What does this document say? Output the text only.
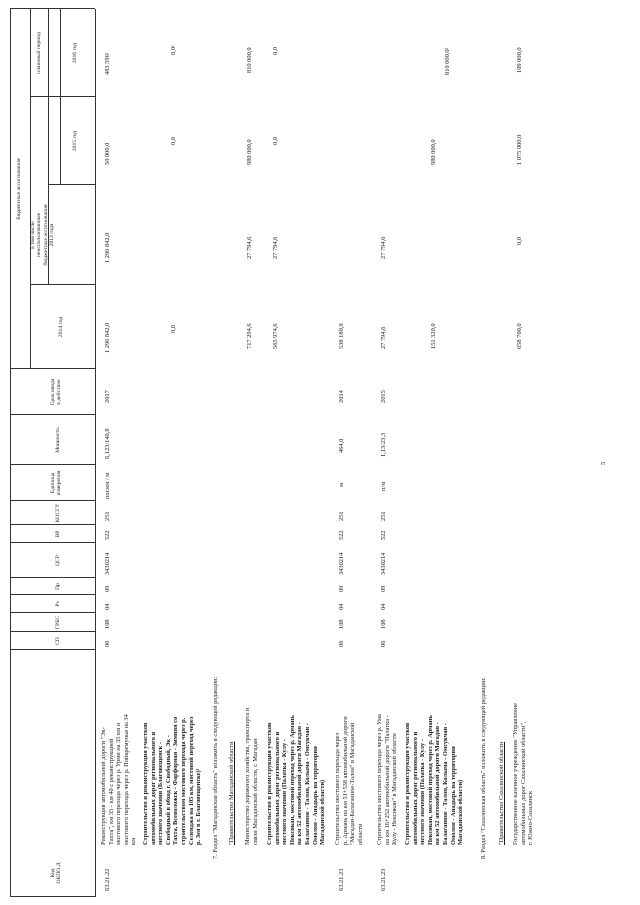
Код
ОКПО.Д
СП
ГРБС
Рз
Пр
ЦСР
ВР
КОСГУ
Единица
измерения
Мощность
Срок ввода
в действие
Бюджетные ассигнования
2014 год
в том числе
неиспользованные
бюджетные ассигнования
2013 года
плановый период
2015 год
2016 год
63.21.22
Реконструкция автомобильной дороги "Эк-
Тахта", км 35 - км 40 с реконструкцией
мостового перехода через р. Урми на 35 км и
мостового перехода через р. Пойкремунья на 34
км
06
108
04
09
3430214
522
251
пог.км / м
6,123/140,8
2017
1 296 842,0
1 296 842,0
50 000,0
483 596¹
Строительство и реконструкция участков
автомобильных дорог регионального и
местного значения (Благовещенск -
Свободный в обход г. Свободный, Эк -
Тахта, Всеволожск - Фарфорная - Зимняя со
строительством мостового перехода через р.
Селенджа на 105 км, мостовой переход через
р. Зея в г. Благовещенске)¹
0,0
0,0
0,0¹
7. Раздел "Магаданская область" изложить в следующей редакции: "Правительство Магаданской области Министерство дорожного хозяйства, транспорта и
связи Магаданской области, г. Магадан
717 294,6
27 794,6
980 000,0
810 000,0
Строительство и реконструкция участков
автомобильных дорог регионального и
местного значения (Палатка - Кулу -
Нексикан, мостовой переход через р. Армань
на км 52 автомобильной дороги Магадан -
Балаганное - Талон, Колыма - Омсукчан -
Омолон - Анадырь на территории
Магаданской области)
565 974,6
27 794,6
0,0
0,0
63.21.23
Строительство мостового перехода через
р. Армань на км 51+538 автомобильной дороги
"Магадан-Балаганное-Талон" в Магаданской
области
06
108
04
09
3430214
522
251
м
464,0
2014
538 180,0
63.21.23
Строительство мостового перехода через р. Ума
на км 16+252 автомобильной дороги "Палатка -
Кулу - Нексикан" в Магаданской области
06
108
04
09
3430214
522
251
п/м
1,13/23,3
2015
27 794,6
27 794,6
Строительство и реконструкция участков
автомобильных дорог регионального и
местного значения (Палатка - Кулу -
Нексикан, мостовой переход через р. Армань
на км 52 автомобильной дороги Магадан -
Балаганное - Талон, Колыма - Омсукчан -
Омолон - Анадырь на территории
Магаданской области)
151 320,0
980 000,0
810 000,0¹
8. Раздел "Сахалинская область" изложить в следующей редакции: "Правительство Сахалинской области Государственное казенное учреждение "Управление
автомобильных дорог Сахалинской области",
г. Южно-Сахалинск
658 700,0
0,0
1 075 000,0
109 000,0
5
